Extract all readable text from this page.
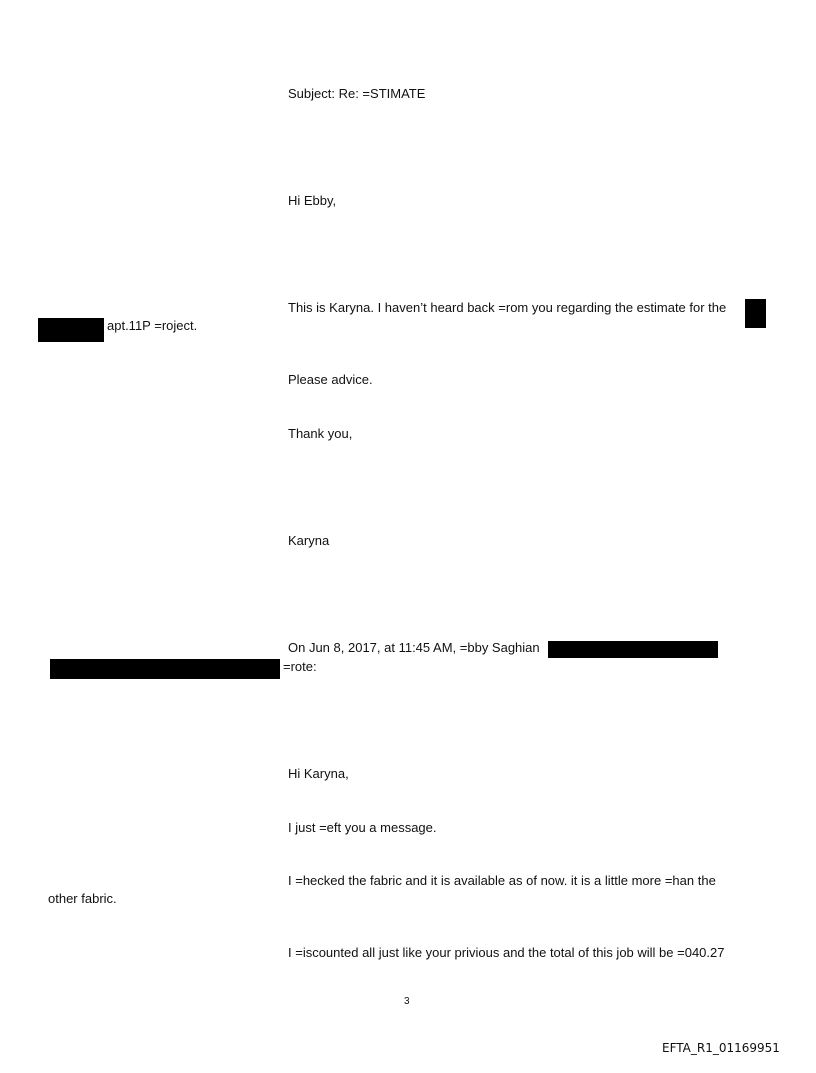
Subject: Re: =STIMATE
Hi Ebby,
This is Karyna. I haven’t heard back =rom you regarding the estimate for the
apt.11P =roject.
Please advice.
Thank you,
Karyna
On Jun 8, 2017, at 11:45 AM, =bby Saghian
=rote:
Hi Karyna,
I just =eft you a message.
I =hecked the fabric and it is available as of now. it is a little more =han the
other fabric.
I =iscounted all just like your privious and the total of this job will be =040.27
3
EFTA_R1_01169951
